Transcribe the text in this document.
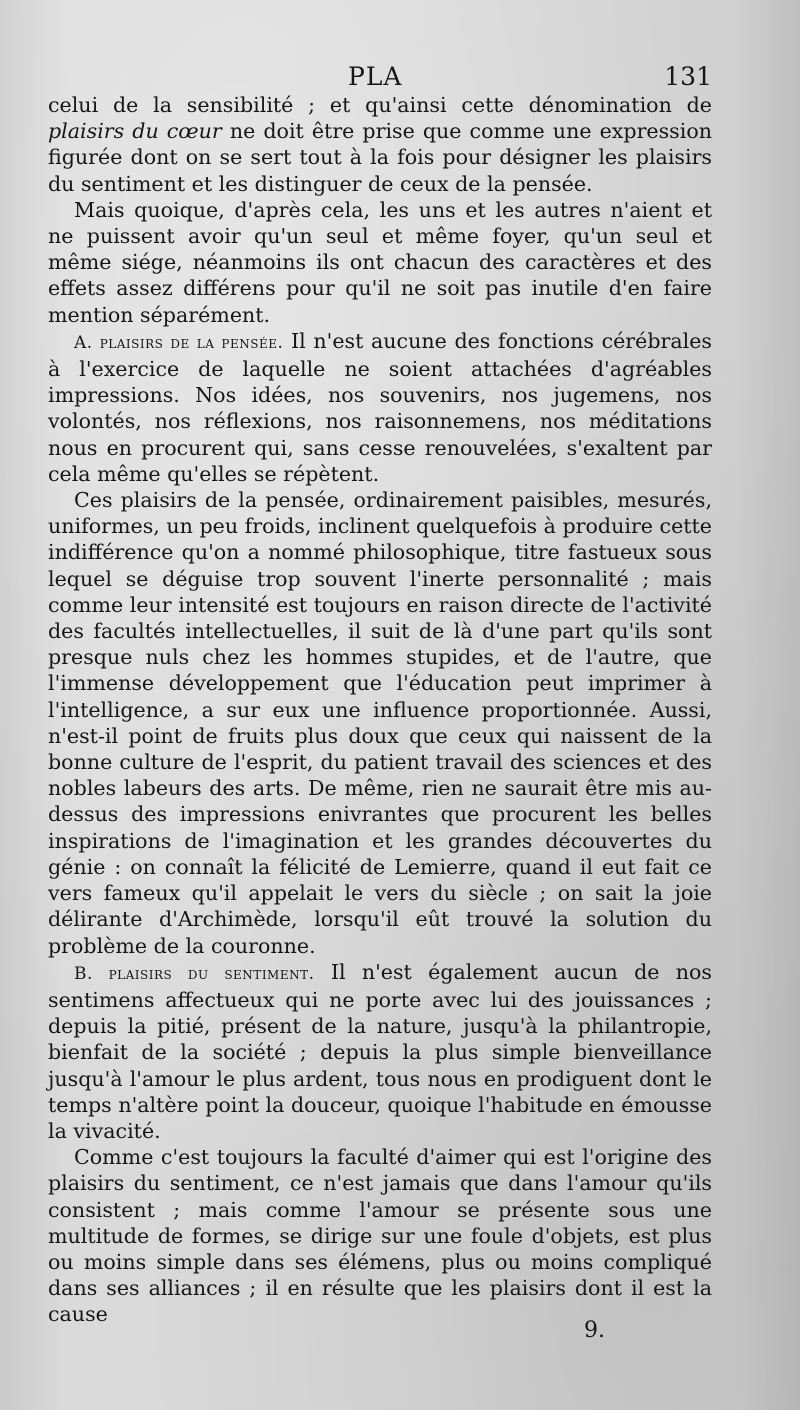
PLA	131

celui de la sensibilité ; et qu'ainsi cette dénomination de plaisirs du cœur ne doit être prise que comme une expression figurée dont on se sert tout à la fois pour désigner les plaisirs du sentiment et les distinguer de ceux de la pensée.

Mais quoique, d'après cela, les uns et les autres n'aient et ne puissent avoir qu'un seul et même foyer, qu'un seul et même siége, néanmoins ils ont chacun des caractères et des effets assez différens pour qu'il ne soit pas inutile d'en faire mention séparément.

A. plaisirs de la pensée. Il n'est aucune des fonctions cérébrales à l'exercice de laquelle ne soient attachées d'agréables impressions. Nos idées, nos souvenirs, nos jugemens, nos volontés, nos réflexions, nos raisonnemens, nos méditations nous en procurent qui, sans cesse renouvelées, s'exaltent par cela même qu'elles se répètent.

Ces plaisirs de la pensée, ordinairement paisibles, mesurés, uniformes, un peu froids, inclinent quelquefois à produire cette indifférence qu'on a nommé philosophique, titre fastueux sous lequel se déguise trop souvent l'inerte personnalité ; mais comme leur intensité est toujours en raison directe de l'activité des facultés intellectuelles, il suit de là d'une part qu'ils sont presque nuls chez les hommes stupides, et de l'autre, que l'immense développement que l'éducation peut imprimer à l'intelligence, a sur eux une influence proportionnée. Aussi, n'est-il point de fruits plus doux que ceux qui naissent de la bonne culture de l'esprit, du patient travail des sciences et des nobles labeurs des arts. De même, rien ne saurait être mis au-dessus des impressions enivrantes que procurent les belles inspirations de l'imagination et les grandes découvertes du génie : on connaît la félicité de Lemierre, quand il eut fait ce vers fameux qu'il appelait le vers du siècle ; on sait la joie délirante d'Archimède, lorsqu'il eût trouvé la solution du problème de la couronne.

B. plaisirs du sentiment. Il n'est également aucun de nos sentimens affectueux qui ne porte avec lui des jouissances ; depuis la pitié, présent de la nature, jusqu'à la philantropie, bienfait de la société ; depuis la plus simple bienveillance jusqu'à l'amour le plus ardent, tous nous en prodiguent dont le temps n'altère point la douceur, quoique l'habitude en émousse la vivacité.

Comme c'est toujours la faculté d'aimer qui est l'origine des plaisirs du sentiment, ce n'est jamais que dans l'amour qu'ils consistent ; mais comme l'amour se présente sous une multitude de formes, se dirige sur une foule d'objets, est plus ou moins simple dans ses élémens, plus ou moins compliqué dans ses alliances ; il en résulte que les plaisirs dont il est la cause

9.
